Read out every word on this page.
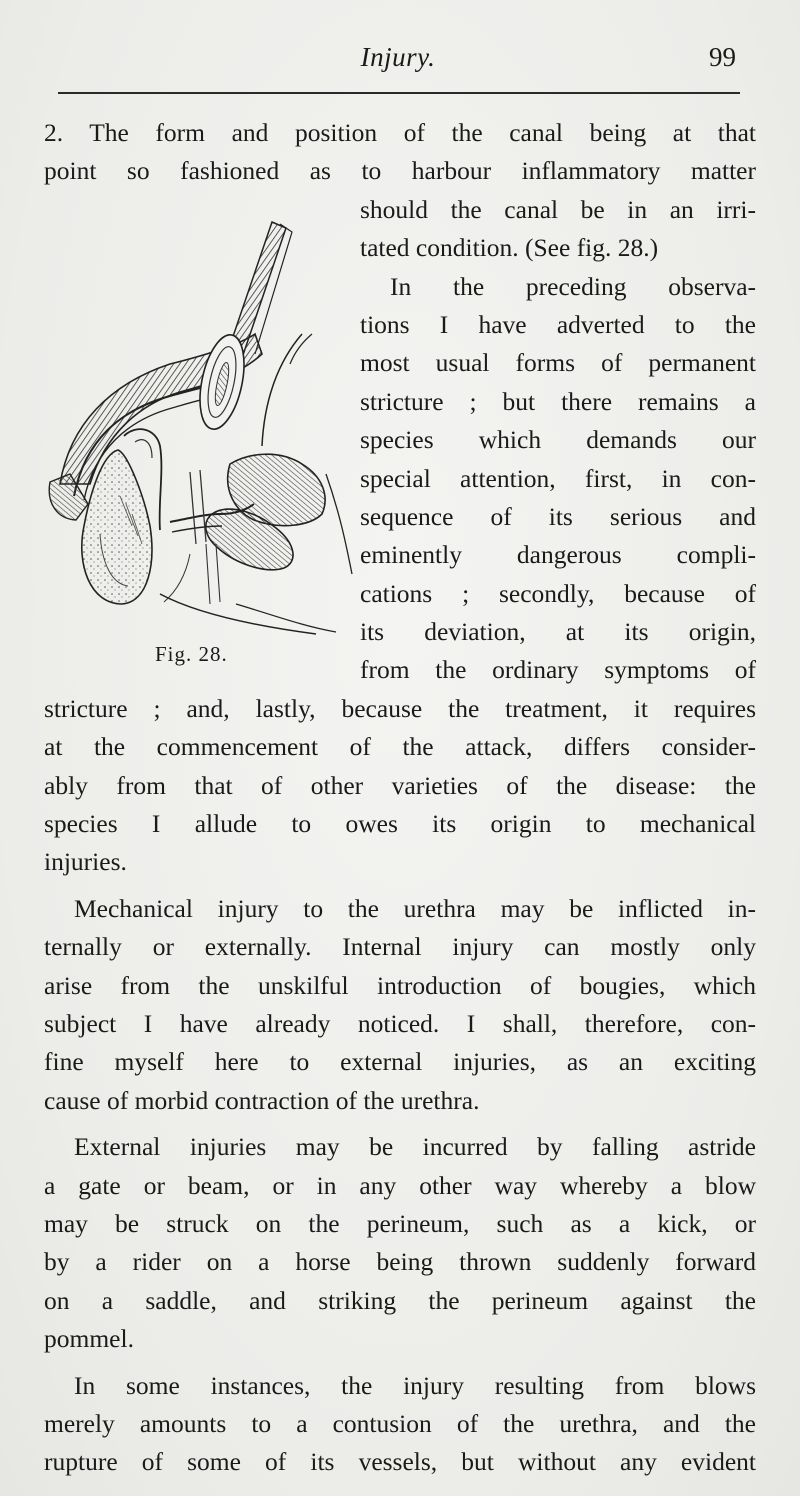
Injury.	99
Fig. 28.
2. The form and position of the canal being at that
point so fashioned as to harbour inflammatory matter
should the canal be in an irri-
tated condition. (See fig. 28.)
In the preceding observa-
tions I have adverted to the
most usual forms of permanent
stricture ; but there remains a
species which demands our
special attention, first, in con-
sequence of its serious and
eminently dangerous compli-
cations ; secondly, because of
its deviation, at its origin,
from the ordinary symptoms of
stricture ; and, lastly, because the treatment, it requires
at the commencement of the attack, differs consider-
ably from that of other varieties of the disease: the
species I allude to owes its origin to mechanical
injuries.
Mechanical injury to the urethra may be inflicted in-
ternally or externally. Internal injury can mostly only
arise from the unskilful introduction of bougies, which
subject I have already noticed. I shall, therefore, con-
fine myself here to external injuries, as an exciting
cause of morbid contraction of the urethra.
External injuries may be incurred by falling astride
a gate or beam, or in any other way whereby a blow
may be struck on the perineum, such as a kick, or
by a rider on a horse being thrown suddenly forward
on a saddle, and striking the perineum against the
pommel.
In some instances, the injury resulting from blows
merely amounts to a contusion of the urethra, and the
rupture of some of its vessels, but without any evident
